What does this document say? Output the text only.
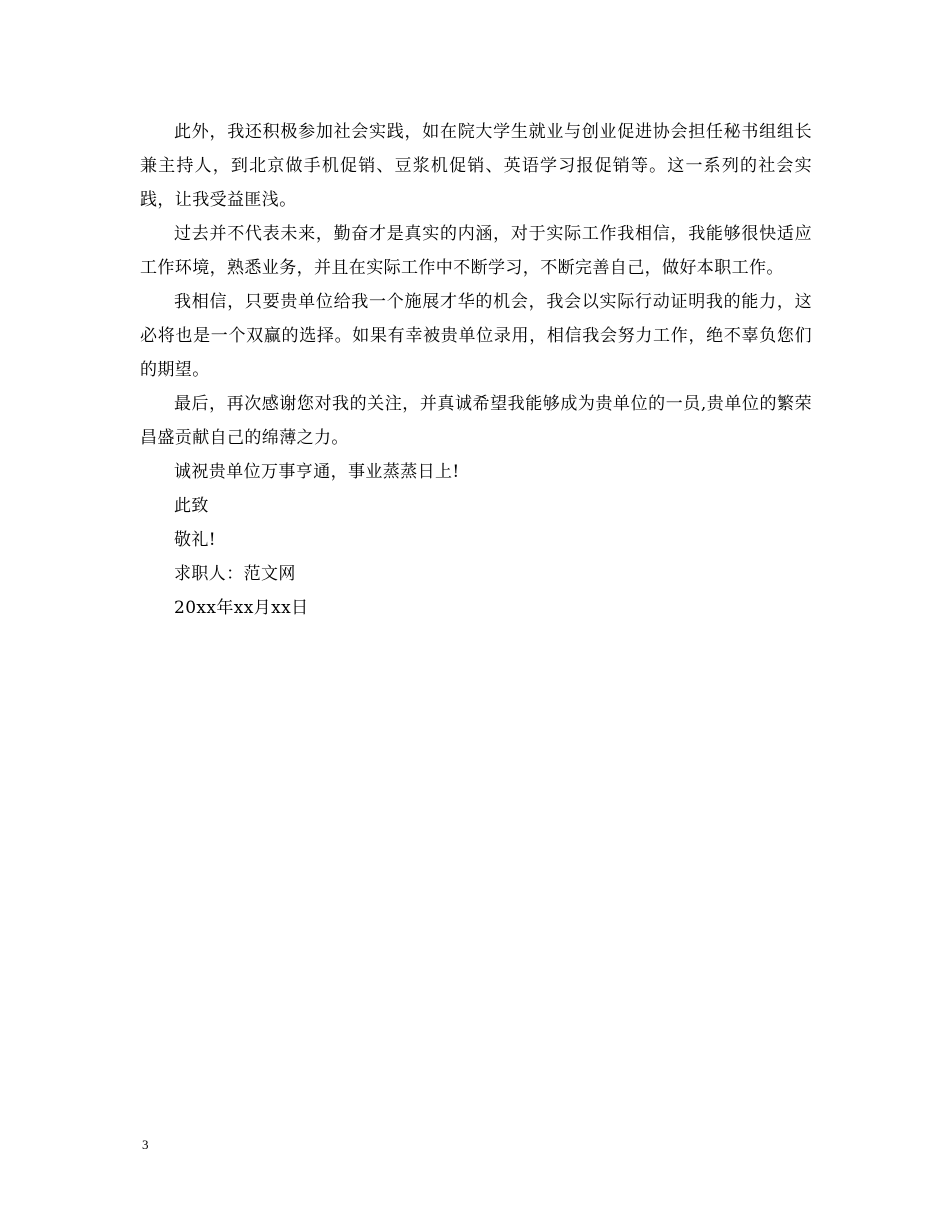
此外，我还积极参加社会实践，如在院大学生就业与创业促进协会担任秘书组组长兼主持人，到北京做手机促销、豆浆机促销、英语学习报促销等。这一系列的社会实践，让我受益匪浅。

过去并不代表未来，勤奋才是真实的内涵，对于实际工作我相信，我能够很快适应工作环境，熟悉业务，并且在实际工作中不断学习，不断完善自己，做好本职工作。

我相信，只要贵单位给我一个施展才华的机会，我会以实际行动证明我的能力，这必将也是一个双赢的选择。如果有幸被贵单位录用，相信我会努力工作，绝不辜负您们的期望。

最后，再次感谢您对我的关注，并真诚希望我能够成为贵单位的一员,贵单位的繁荣昌盛贡献自己的绵薄之力。

诚祝贵单位万事亨通，事业蒸蒸日上!

此致

敬礼!

求职人：范文网

20xx年xx月xx日

3
